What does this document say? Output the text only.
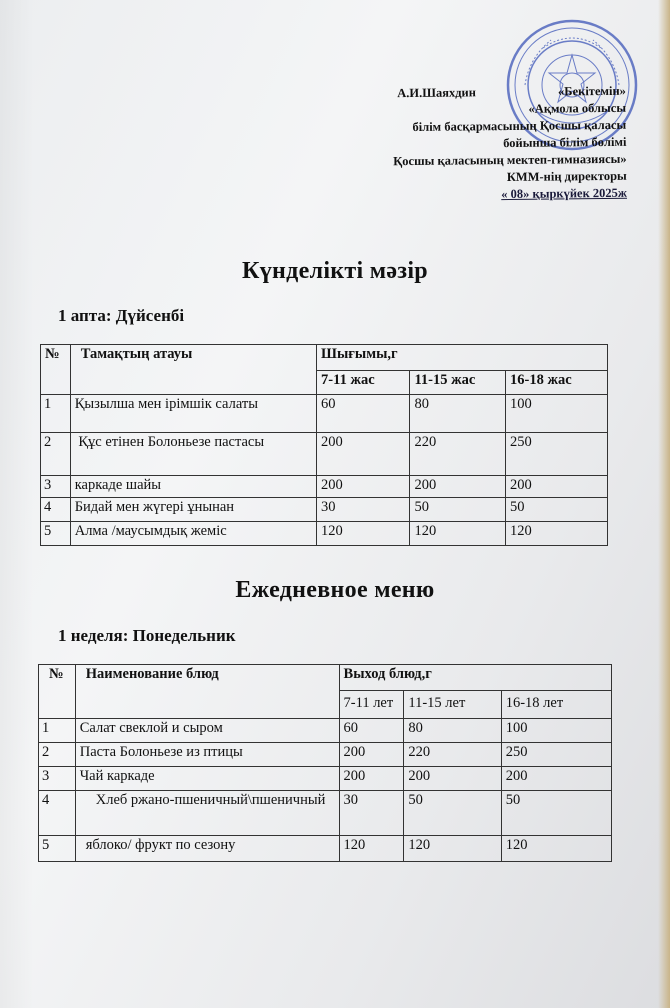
«Бекітемін»
А.И.Шаяхдин
«Ақмола облысы
білім басқармасының Қосшы қаласы
бойынша білім бөлімі
Қосшы қаласының мектеп-гимназиясы»
КММ-нің директоры
« 08» қыркүйек 2025ж
Күнделікті мәзір
1 апта: Дүйсенбі
№	Тамақтың атауы	Шығымы,г		
		7-11 жас	11-15 жас	16-18 жас
1	Қызылша мен ірімшік салаты	60	80	100
2	Құс етінен Болоньезе пастасы	200	220	250
3	каркаде шайы	200	200	200
4	Бидай мен жүгері ұнынан	30	50	50
5	Алма /маусымдық жеміс	120	120	120
Ежедневное меню
1 неделя: Понедельник
№	Наименование блюд	Выход блюд,г		
		7-11 лет	11-15 лет	16-18 лет
1	Салат свеклой и сыром	60	80	100
2	Паста Болоньезе из птицы	200	220	250
3	Чай каркаде	200	200	200
4	Хлеб ржано-пшеничный\пшеничный	30	50	50
5	яблоко/ фрукт по сезону	120	120	120
